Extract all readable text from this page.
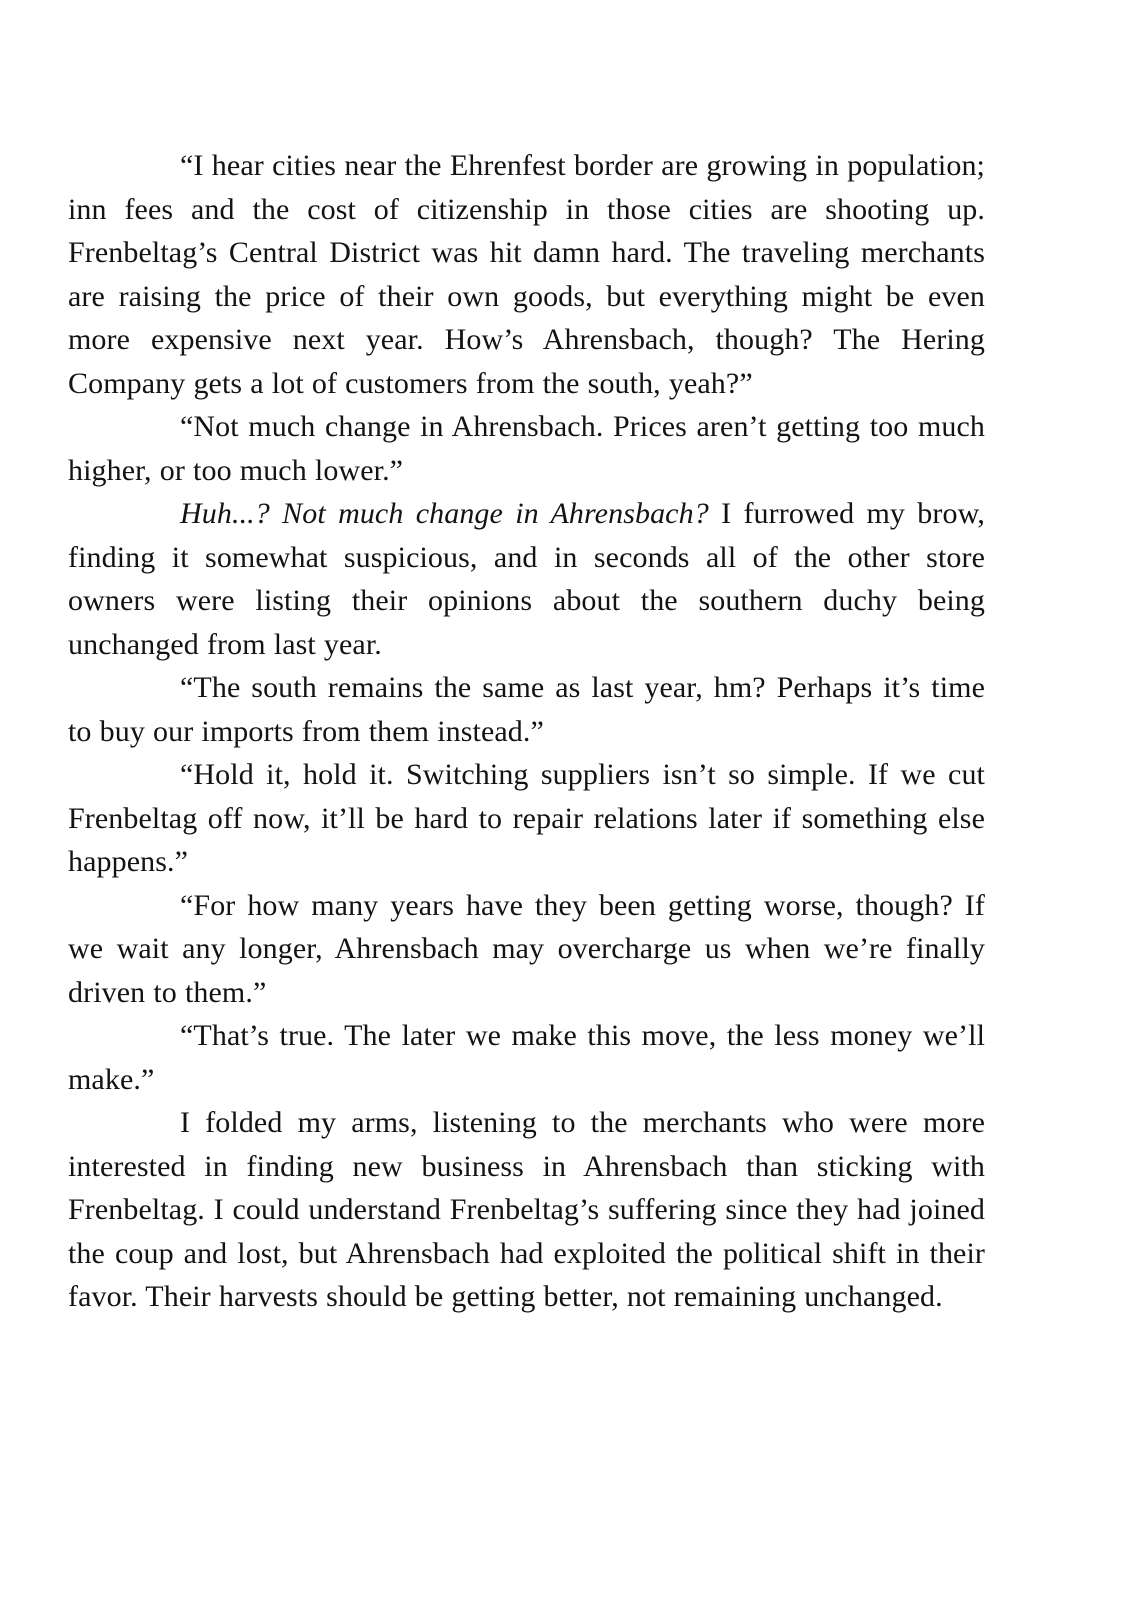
“I hear cities near the Ehrenfest border are growing in population; inn fees and the cost of citizenship in those cities are shooting up. Frenbeltag’s Central District was hit damn hard. The traveling merchants are raising the price of their own goods, but everything might be even more expensive next year. How’s Ahrensbach, though? The Hering Company gets a lot of customers from the south, yeah?”

“Not much change in Ahrensbach. Prices aren’t getting too much higher, or too much lower.”

Huh...? Not much change in Ahrensbach? I furrowed my brow, finding it somewhat suspicious, and in seconds all of the other store owners were listing their opinions about the southern duchy being unchanged from last year.

“The south remains the same as last year, hm? Perhaps it’s time to buy our imports from them instead.”

“Hold it, hold it. Switching suppliers isn’t so simple. If we cut Frenbeltag off now, it’ll be hard to repair relations later if something else happens.”

“For how many years have they been getting worse, though? If we wait any longer, Ahrensbach may overcharge us when we’re finally driven to them.”

“That’s true. The later we make this move, the less money we’ll make.”

I folded my arms, listening to the merchants who were more interested in finding new business in Ahrensbach than sticking with Frenbeltag. I could understand Frenbeltag’s suffering since they had joined the coup and lost, but Ahrensbach had exploited the political shift in their favor. Their harvests should be getting better, not remaining unchanged.
